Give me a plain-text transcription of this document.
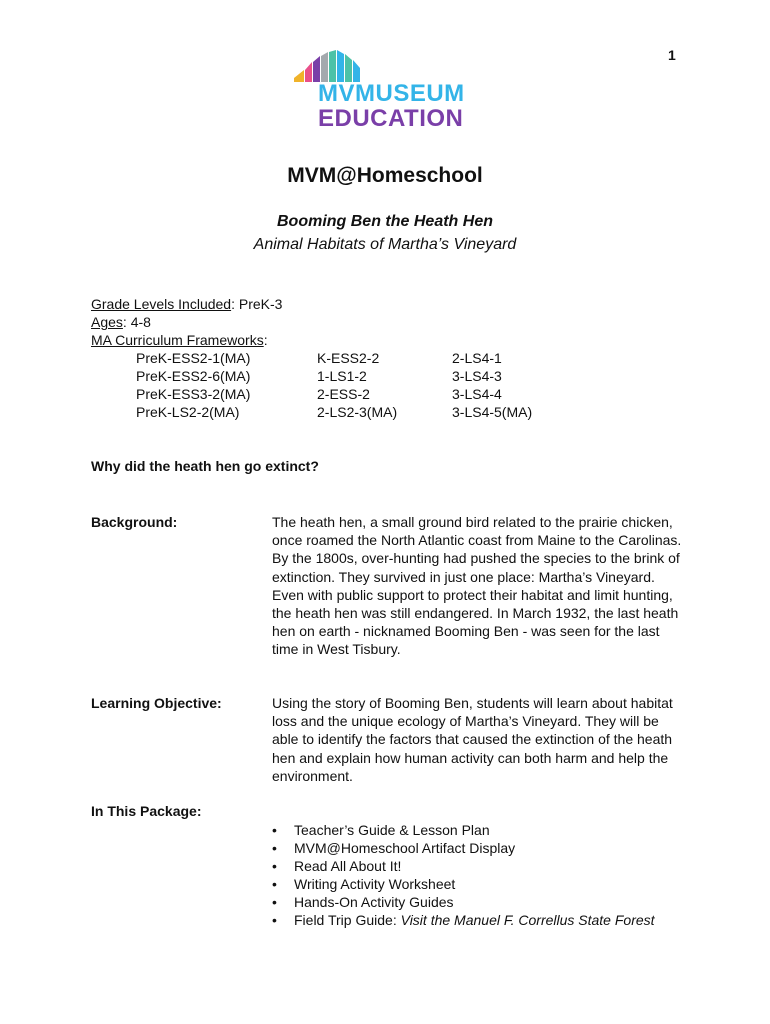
1
MVMUSEUM
EDUCATION
MVM@Homeschool
Booming Ben the Heath Hen
Animal Habitats of Martha’s Vineyard
Grade Levels Included: PreK-3
Ages: 4-8
MA Curriculum Frameworks:
PreK-ESS2-1(MA)
PreK-ESS2-6(MA)
PreK-ESS3-2(MA)
PreK-LS2-2(MA)
K-ESS2-2
1-LS1-2
2-ESS-2
2-LS2-3(MA)
2-LS4-1
3-LS4-3
3-LS4-4
3-LS4-5(MA)
Why did the heath hen go extinct?
Background:	The heath hen, a small ground bird related to the prairie chicken, once roamed the North Atlantic coast from Maine to the Carolinas. By the 1800s, over-hunting had pushed the species to the brink of extinction. They survived in just one place: Martha’s Vineyard. Even with public support to protect their habitat and limit hunting, the heath hen was still endangered. In March 1932, the last heath hen on earth - nicknamed Booming Ben - was seen for the last time in West Tisbury.
Learning Objective:	Using the story of Booming Ben, students will learn about habitat loss and the unique ecology of Martha’s Vineyard. They will be able to identify the factors that caused the extinction of the heath hen and explain how human activity can both harm and help the environment.
In This Package:
• Teacher’s Guide & Lesson Plan
• MVM@Homeschool Artifact Display
• Read All About It!
• Writing Activity Worksheet
• Hands-On Activity Guides
• Field Trip Guide: Visit the Manuel F. Correllus State Forest
